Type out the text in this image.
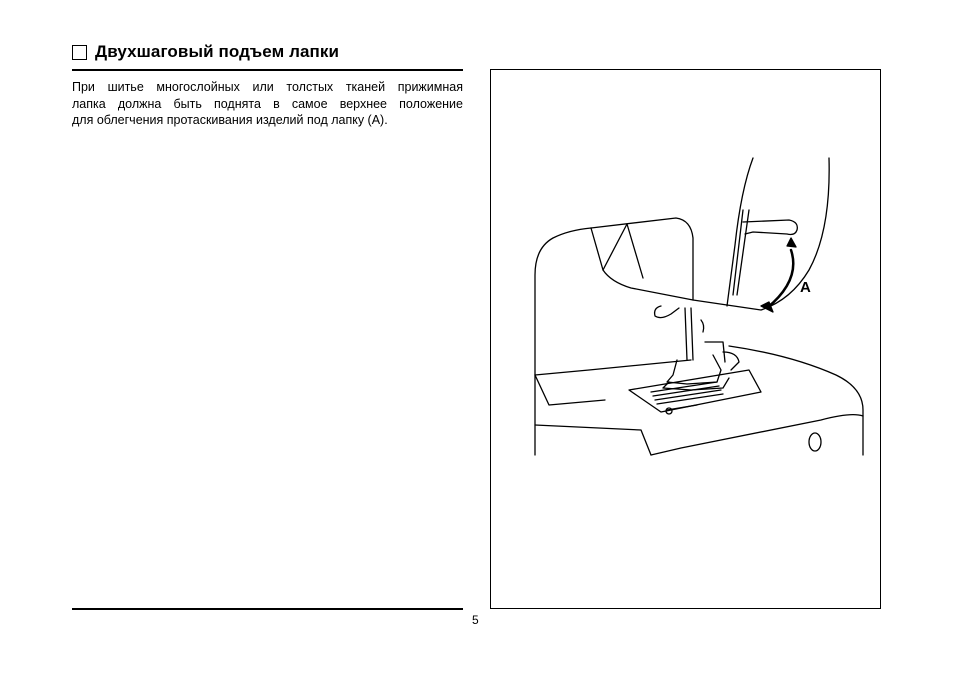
Двухшаговый подъем лапки
При шитье многослойных или толстых тканей прижимная
лапка должна быть поднята в самое верхнее положение
для облегчения протаскивания изделий под лапку (А).
A
5
